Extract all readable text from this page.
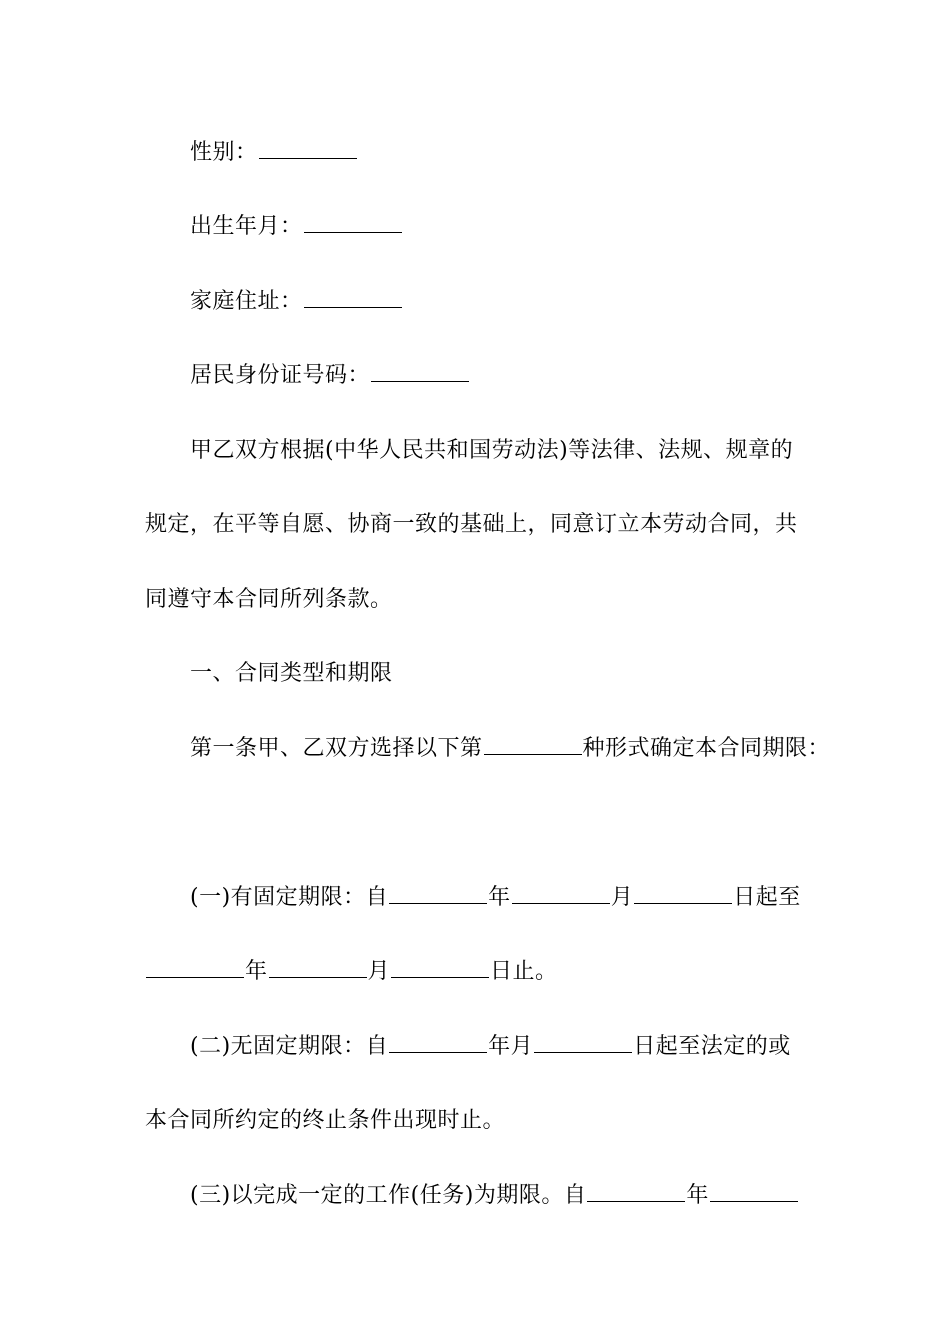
性别：
出生年月：
家庭住址：
居民身份证号码：
甲乙双方根据(中华人民共和国劳动法)等法律、法规、规章的
规定，在平等自愿、协商一致的基础上，同意订立本劳动合同，共
同遵守本合同所列条款。
一、合同类型和期限
第一条甲、乙双方选择以下第	种形式确定本合同期限：
(一)有固定期限：自	年	月	日起至
年	月	日止。
(二)无固定期限：自	年月	日起至法定的或
本合同所约定的终止条件出现时止。
(三)以完成一定的工作(任务)为期限。自	年
